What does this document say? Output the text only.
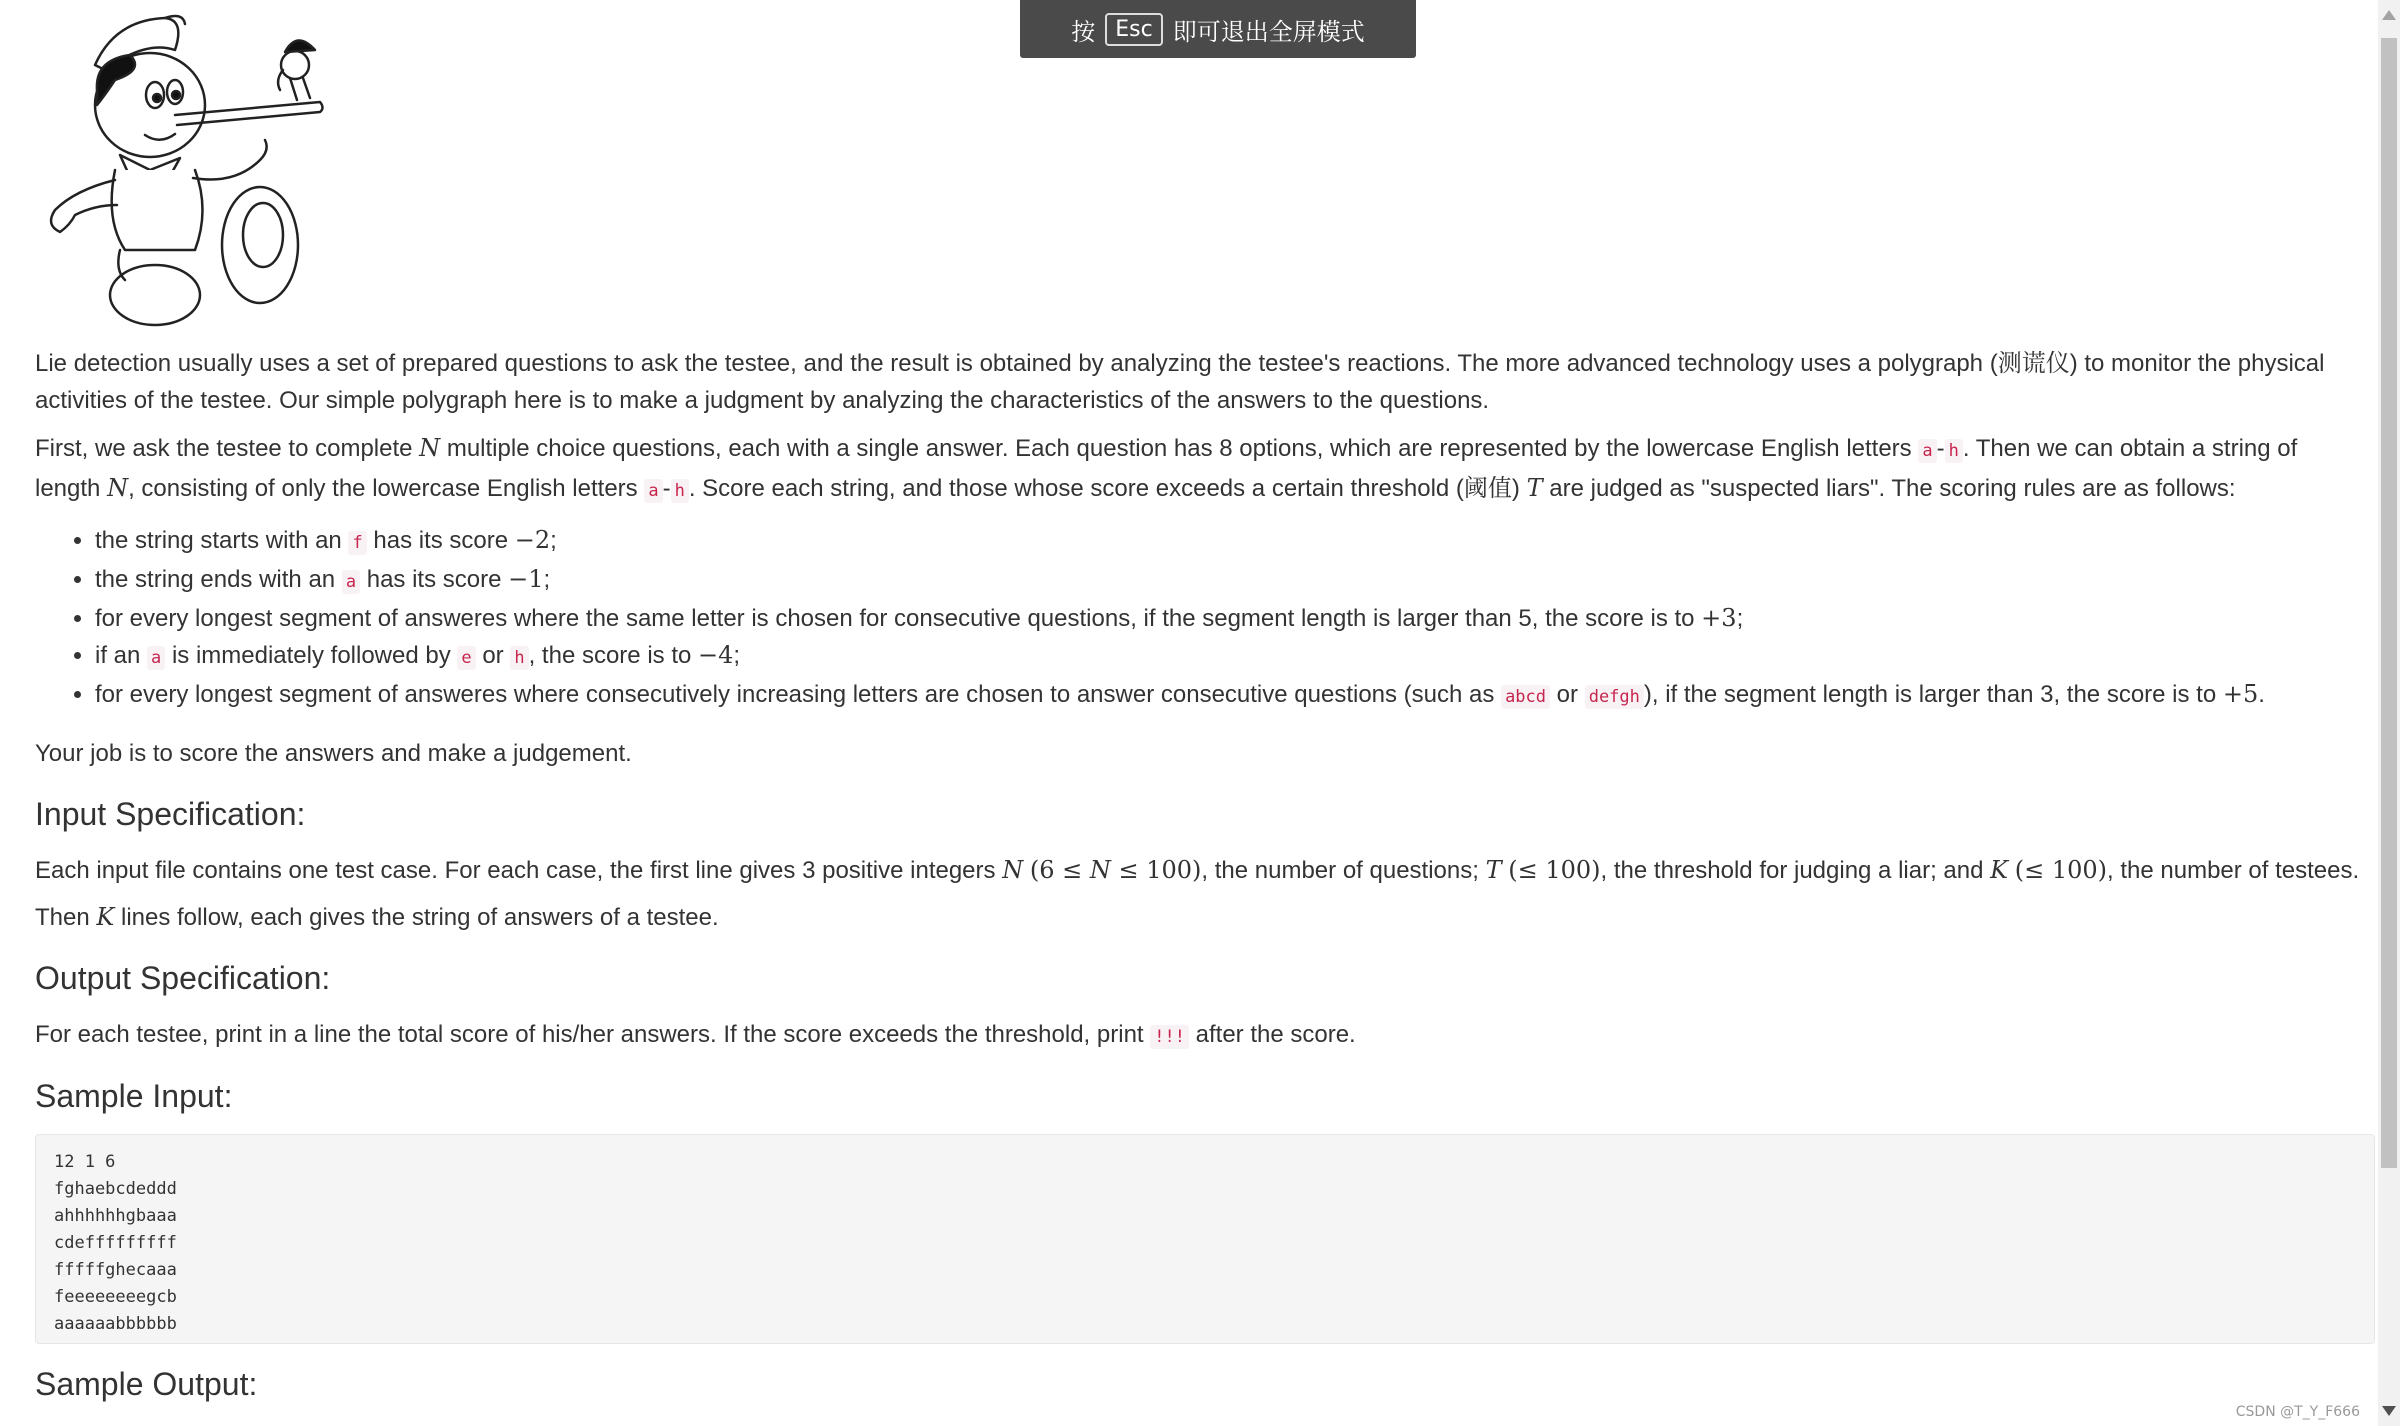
按 Esc 即可退出全屏模式

Lie detection usually uses a set of prepared questions to ask the testee, and the result is obtained by analyzing the testee's reactions. The more advanced technology uses a polygraph (测谎仪) to monitor the physical activities of the testee. Our simple polygraph here is to make a judgment by analyzing the characteristics of the answers to the questions.

First, we ask the testee to complete N multiple choice questions, each with a single answer. Each question has 8 options, which are represented by the lowercase English letters a - h . Then we can obtain a string of length N, consisting of only the lowercase English letters a - h . Score each string, and those whose score exceeds a certain threshold (阈值) T are judged as "suspected liars". The scoring rules are as follows:

• the string starts with an f has its score −2;
• the string ends with an a has its score −1;
• for every longest segment of answeres where the same letter is chosen for consecutive questions, if the segment length is larger than 5, the score is to +3;
• if an a is immediately followed by e or h , the score is to −4;
• for every longest segment of answeres where consecutively increasing letters are chosen to answer consecutive questions (such as abcd or defgh ), if the segment length is larger than 3, the score is to +5.

Your job is to score the answers and make a judgement.

Input Specification:

Each input file contains one test case. For each case, the first line gives 3 positive integers N (6 ≤ N ≤ 100), the number of questions; T (≤ 100), the threshold for judging a liar; and K (≤ 100), the number of testees.

Then K lines follow, each gives the string of answers of a testee.

Output Specification:

For each testee, print in a line the total score of his/her answers. If the score exceeds the threshold, print !!! after the score.

Sample Input:
12 1 6
fghaebcdeddd
ahhhhhhgbaaa
cdefffffffff
fffffghecaaa
feeeeeeeegcb
aaaaaabbbbbb
Sample Output:
CSDN @T_Y_F666
